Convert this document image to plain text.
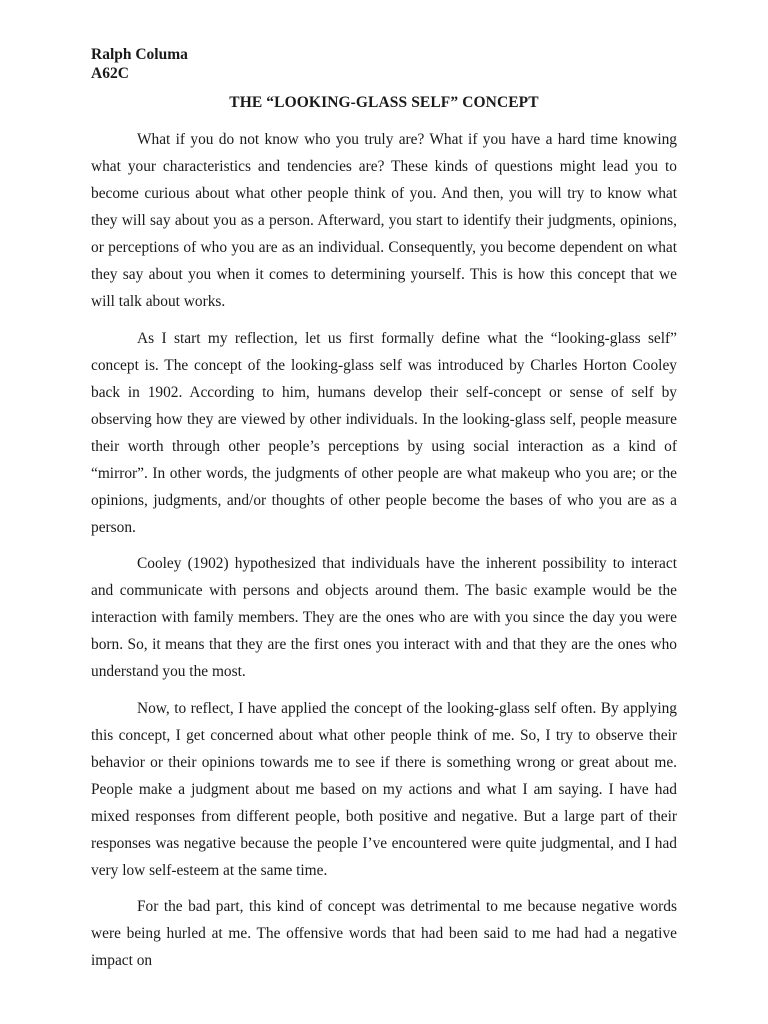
Ralph Columa
A62C
THE “LOOKING-GLASS SELF” CONCEPT

What if you do not know who you truly are? What if you have a hard time knowing what your characteristics and tendencies are? These kinds of questions might lead you to become curious about what other people think of you. And then, you will try to know what they will say about you as a person. Afterward, you start to identify their judgments, opinions, or perceptions of who you are as an individual. Consequently, you become dependent on what they say about you when it comes to determining yourself. This is how this concept that we will talk about works.

As I start my reflection, let us first formally define what the “looking-glass self” concept is. The concept of the looking-glass self was introduced by Charles Horton Cooley back in 1902. According to him, humans develop their self-concept or sense of self by observing how they are viewed by other individuals. In the looking-glass self, people measure their worth through other people’s perceptions by using social interaction as a kind of “mirror”. In other words, the judgments of other people are what makeup who you are; or the opinions, judgments, and/or thoughts of other people become the bases of who you are as a person.

Cooley (1902) hypothesized that individuals have the inherent possibility to interact and communicate with persons and objects around them. The basic example would be the interaction with family members. They are the ones who are with you since the day you were born. So, it means that they are the first ones you interact with and that they are the ones who understand you the most.

Now, to reflect, I have applied the concept of the looking-glass self often. By applying this concept, I get concerned about what other people think of me. So, I try to observe their behavior or their opinions towards me to see if there is something wrong or great about me. People make a judgment about me based on my actions and what I am saying. I have had mixed responses from different people, both positive and negative. But a large part of their responses was negative because the people I’ve encountered were quite judgmental, and I had very low self-esteem at the same time.

For the bad part, this kind of concept was detrimental to me because negative words were being hurled at me. The offensive words that had been said to me had had a negative impact on
